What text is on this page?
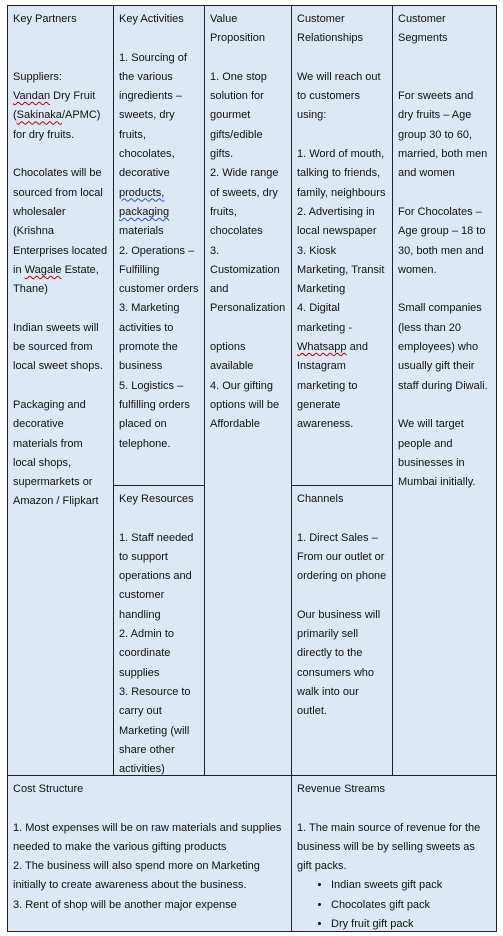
Key Partners

Suppliers:

Vandan Dry Fruit (Sakinaka/APMC) for dry fruits.

Chocolates will be sourced from local wholesaler (Krishna Enterprises located in Wagale Estate, Thane)

Indian sweets will be sourced from local sweet shops.

Packaging and decorative materials from local shops, supermarkets or Amazon / Flipkart

Key Activities

1. Sourcing of the various ingredients – sweets, dry fruits, chocolates, decorative products, packaging materials

2. Operations – Fulfilling customer orders

3. Marketing activities to promote the business

5. Logistics – fulfilling orders placed on telephone.

Key Resources

1. Staff needed to support operations and customer handling

2. Admin to coordinate supplies

3. Resource to carry out Marketing (will share other activities)

Value Proposition

1. One stop solution for gourmet gifts/edible gifts.

2. Wide range of sweets, dry fruits, chocolates

3. Customization and Personalization

options available

4. Our gifting options will be Affordable

Customer Relationships

We will reach out to customers using:

1. Word of mouth, talking to friends, family, neighbours

2. Advertising in local newspaper

3. Kiosk Marketing, Transit Marketing

4. Digital marketing - Whatsapp and Instagram marketing to generate awareness.

Channels

1. Direct Sales – From our outlet or ordering on phone

Our business will primarily sell directly to the consumers who walk into our outlet.

Customer Segments

For sweets and dry fruits – Age group 30 to 60, married, both men and women

For Chocolates – Age group – 18 to 30, both men and women.

Small companies (less than 20 employees) who usually gift their staff during Diwali.

We will target people and businesses in Mumbai initially.

Cost Structure

1. Most expenses will be on raw materials and supplies needed to make the various gifting products

2. The business will also spend more on Marketing initially to create awareness about the business.

3. Rent of shop will be another major expense

Revenue Streams

1. The main source of revenue for the business will be by selling sweets as gift packs.

• Indian sweets gift pack
• Chocolates gift pack
• Dry fruit gift pack
